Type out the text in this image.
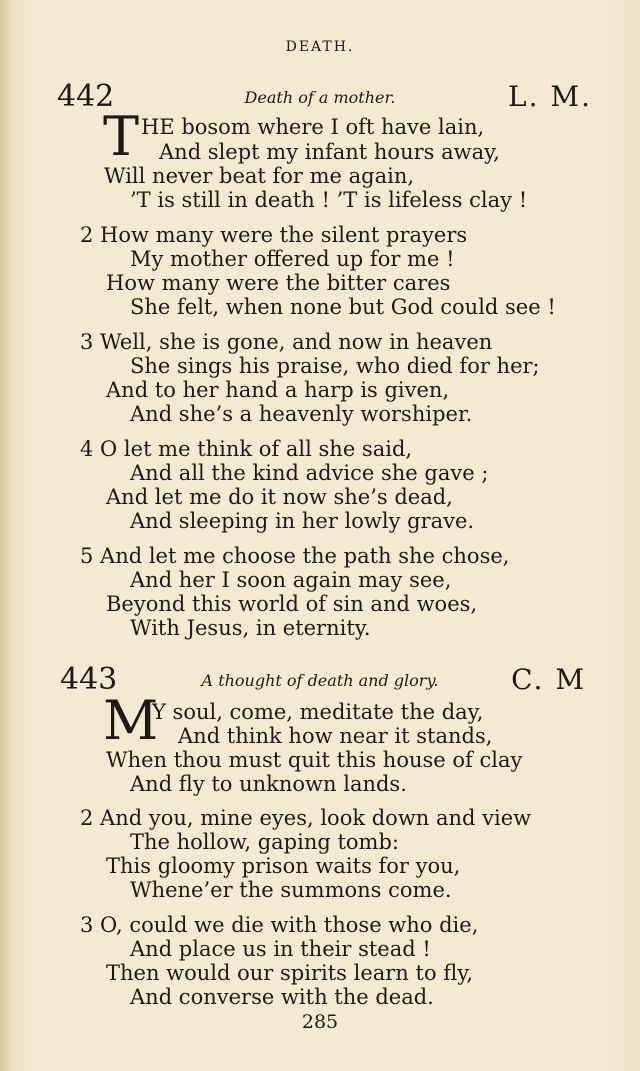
DEATH.
442	Death of a mother.	L. M.
T HE bosom where I oft have lain,
And slept my infant hours away,
Will never beat for me again,
’T is still in death ! ’T is lifeless clay !
2 How many were the silent prayers
My mother offered up for me !
How many were the bitter cares
She felt, when none but God could see !
3 Well, she is gone, and now in heaven
She sings his praise, who died for her;
And to her hand a harp is given,
And she’s a heavenly worshiper.
4 O let me think of all she said,
And all the kind advice she gave ;
And let me do it now she’s dead,
And sleeping in her lowly grave.
5 And let me choose the path she chose,
And her I soon again may see,
Beyond this world of sin and woes,
With Jesus, in eternity.
443	A thought of death and glory.	C. M
M
Y soul, come, meditate the day,
And think how near it stands,
When thou must quit this house of clay
And fly to unknown lands.
2 And you, mine eyes, look down and view
The hollow, gaping tomb:
This gloomy prison waits for you,
Whene’er the summons come.
3 O, could we die with those who die,
And place us in their stead !
Then would our spirits learn to fly,
And converse with the dead.
285
